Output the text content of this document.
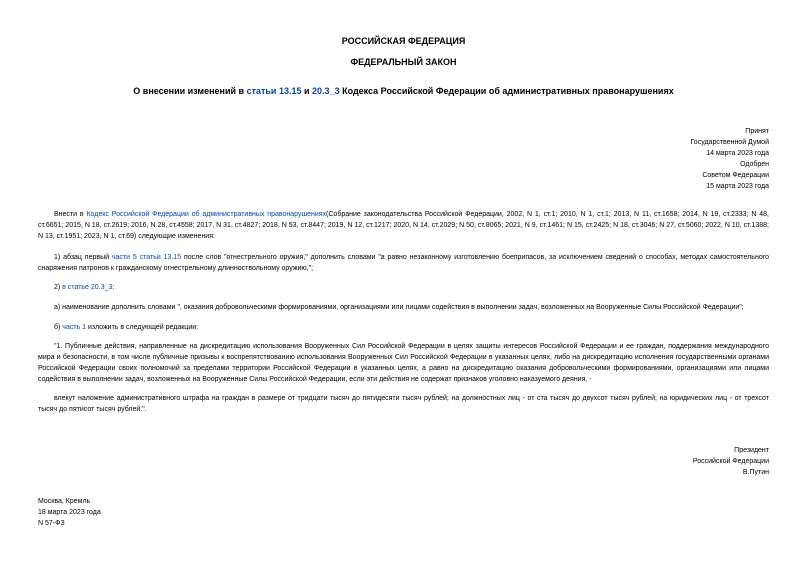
РОССИЙСКАЯ ФЕДЕРАЦИЯ
ФЕДЕРАЛЬНЫЙ ЗАКОН
О внесении изменений в статьи 13.15 и 20.3_3 Кодекса Российской Федерации об административных правонарушениях
Принят
Государственной Думой
14 марта 2023 года
Одобрен
Советом Федерации
15 марта 2023 года
Внести в Кодекс Российской Федерации об административных правонарушениях(Собрание законодательства Российской Федерации, 2002, N 1, ст.1; 2010, N 1, ст.1; 2013, N 11, ст.1658; 2014, N 19, ст.2333; N 48, ст.6651; 2015, N 18, ст.2619; 2016, N 28, ст.4558; 2017, N 31, ст.4827; 2018, N 53, ст.8447; 2019, N 12, ст.1217; 2020, N 14, ст.2029; N 50, ст.8065; 2021, N 9, ст.1461; N 15, ст.2425; N 18, ст.3046; N 27, ст.5060; 2022, N 10, ст.1388; N 13, ст.1951; 2023, N 1, ст.69) следующие изменения:
1) абзац первый части 5 статьи 13.15 после слов "огнестрельного оружия," дополнить словами "а равно незаконному изготовлению боеприпасов, за исключением сведений о способах, методах самостоятельного снаряжения патронов к гражданскому огнестрельному длинноствольному оружию,";
2) в статье 20.3_3:
а) наименование дополнить словами ", оказания добровольческими формированиями, организациями или лицами содействия в выполнении задач, возложенных на Вооруженные Силы Российской Федерации";
б) часть 1 изложить в следующей редакции:
"1. Публичные действия, направленные на дискредитацию использования Вооруженных Сил Российской Федерации в целях защиты интересов Российской Федерации и ее граждан, поддержания международного мира и безопасности, в том числе публичные призывы к воспрепятствованию использования Вооруженных Сил Российской Федерации в указанных целях, либо на дискредитацию исполнения государственными органами Российской Федерации своих полномочий за пределами территории Российской Федерации в указанных целях, а равно на дискредитацию оказания добровольческими формированиями, организациями или лицами содействия в выполнении задач, возложенных на Вооруженные Силы Российской Федерации, если эти действия не содержат признаков уголовно наказуемого деяния, -
влекут наложение административного штрафа на граждан в размере от тридцати тысяч до пятидесяти тысяч рублей; на должностных лиц - от ста тысяч до двухсот тысяч рублей; на юридических лиц - от трехсот тысяч до пятисот тысяч рублей.".
Президент
Российской Федерации
В.Путин
Москва, Кремль
18 марта 2023 года
N 57-ФЗ
